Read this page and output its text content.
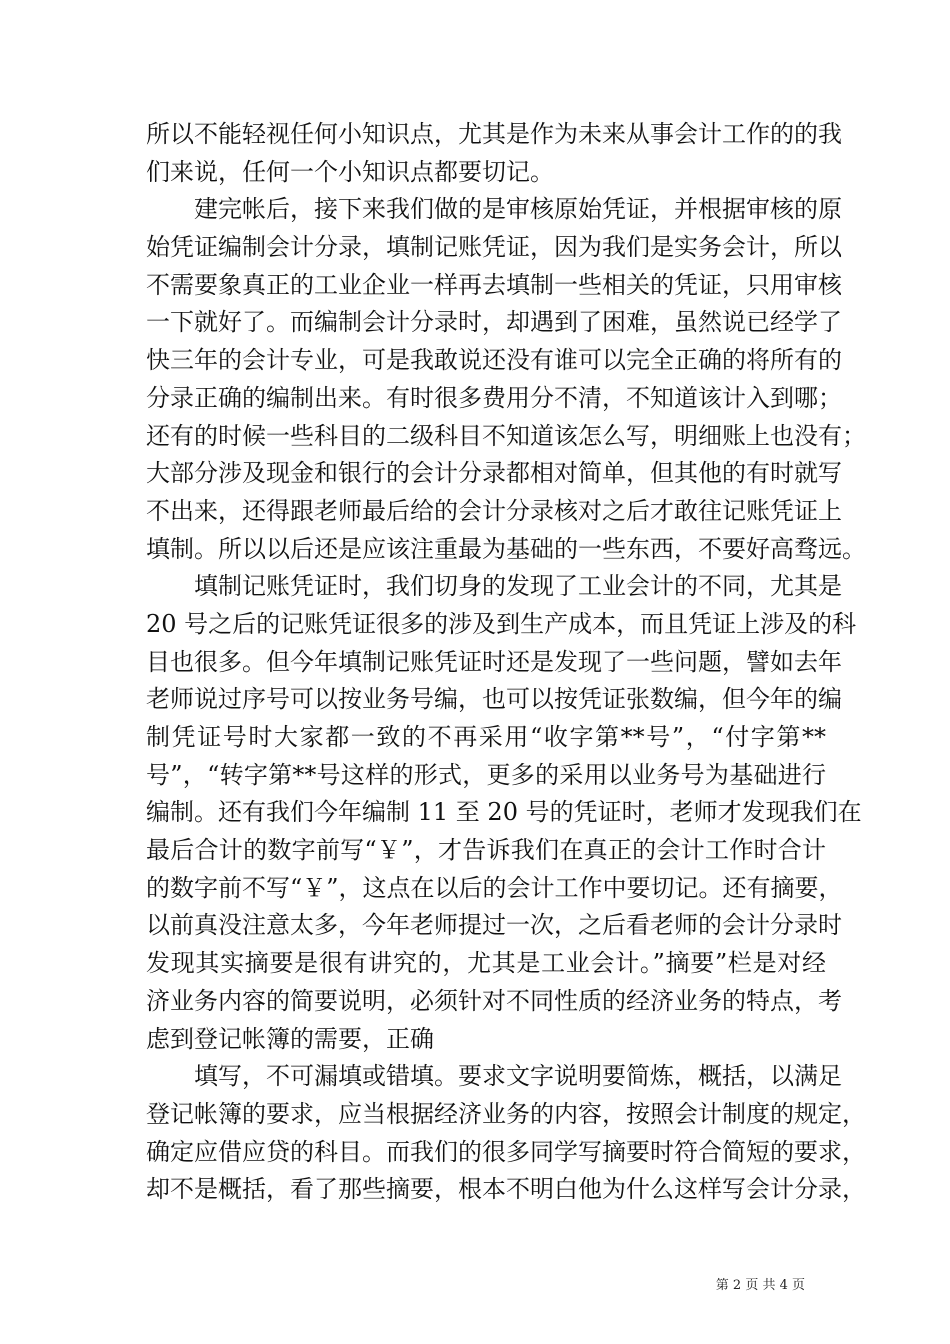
所以不能轻视任何小知识点，尤其是作为未来从事会计工作的的我
们来说，任何一个小知识点都要切记。
建完帐后，接下来我们做的是审核原始凭证，并根据审核的原
始凭证编制会计分录，填制记账凭证，因为我们是实务会计，所以
不需要象真正的工业企业一样再去填制一些相关的凭证，只用审核
一下就好了。而编制会计分录时，却遇到了困难，虽然说已经学了
快三年的会计专业，可是我敢说还没有谁可以完全正确的将所有的
分录正确的编制出来。有时很多费用分不清，不知道该计入到哪；
还有的时候一些科目的二级科目不知道该怎么写，明细账上也没有；
大部分涉及现金和银行的会计分录都相对简单，但其他的有时就写
不出来，还得跟老师最后给的会计分录核对之后才敢往记账凭证上
填制。所以以后还是应该注重最为基础的一些东西，不要好高骛远。
填制记账凭证时，我们切身的发现了工业会计的不同，尤其是
20 号之后的记账凭证很多的涉及到生产成本，而且凭证上涉及的科
目也很多。但今年填制记账凭证时还是发现了一些问题，譬如去年
老师说过序号可以按业务号编，也可以按凭证张数编，但今年的编
制凭证号时大家都一致的不再采用“收字第**号”，“付字第**
号”，“转字第**号这样的形式，更多的采用以业务号为基础进行
编制。还有我们今年编制 11 至 20 号的凭证时，老师才发现我们在
最后合计的数字前写“￥”，才告诉我们在真正的会计工作时合计
的数字前不写“￥”，这点在以后的会计工作中要切记。还有摘要，
以前真没注意太多，今年老师提过一次，之后看老师的会计分录时
发现其实摘要是很有讲究的，尤其是工业会计。”摘要”栏是对经
济业务内容的简要说明，必须针对不同性质的经济业务的特点，考
虑到登记帐簿的需要，正确
填写，不可漏填或错填。要求文字说明要简炼，概括，以满足
登记帐簿的要求，应当根据经济业务的内容，按照会计制度的规定，
确定应借应贷的科目。而我们的很多同学写摘要时符合简短的要求，
却不是概括，看了那些摘要，根本不明白他为什么这样写会计分录，
第 2 页 共 4 页
